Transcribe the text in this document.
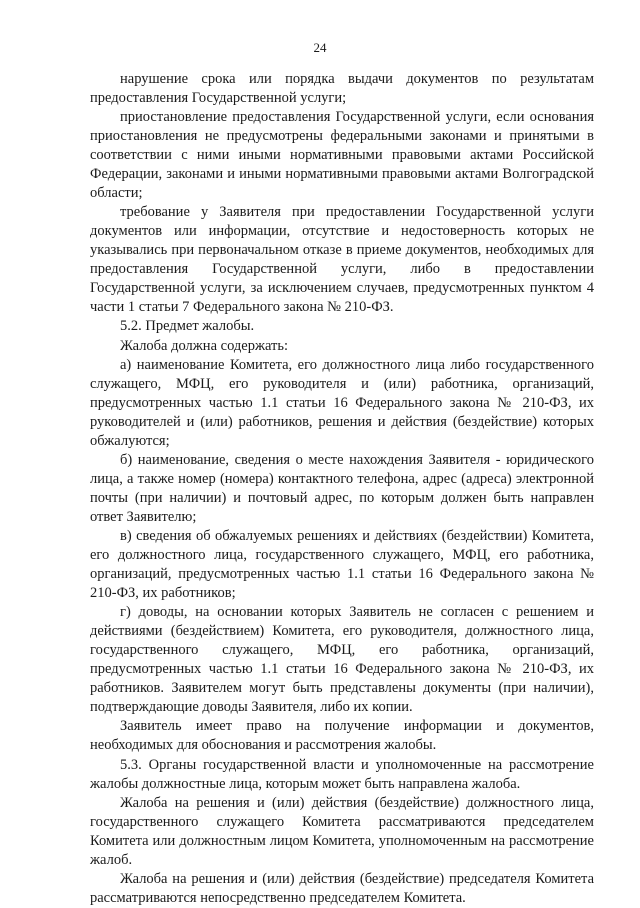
24

нарушение срока или порядка выдачи документов по результатам предоставления Государственной услуги;

приостановление предоставления Государственной услуги, если основания приостановления не предусмотрены федеральными законами и принятыми в соответствии с ними иными нормативными правовыми актами Российской Федерации, законами и иными нормативными правовыми актами Волгоградской области;

требование у Заявителя при предоставлении Государственной услуги документов или информации, отсутствие и недостоверность которых не указывались при первоначальном отказе в приеме документов, необходимых для предоставления Государственной услуги, либо в предоставлении Государственной услуги, за исключением случаев, предусмотренных пунктом 4 части 1 статьи 7 Федерального закона № 210-ФЗ.

5.2. Предмет жалобы.

Жалоба должна содержать:

а) наименование Комитета, его должностного лица либо государственного служащего, МФЦ, его руководителя и (или) работника, организаций, предусмотренных частью 1.1 статьи 16 Федерального закона № 210-ФЗ, их руководителей и (или) работников, решения и действия (бездействие) которых обжалуются;

б) наименование, сведения о месте нахождения Заявителя - юридического лица, а также номер (номера) контактного телефона, адрес (адреса) электронной почты (при наличии) и почтовый адрес, по которым должен быть направлен ответ Заявителю;

в) сведения об обжалуемых решениях и действиях (бездействии) Комитета, его должностного лица, государственного служащего, МФЦ, его работника, организаций, предусмотренных частью 1.1 статьи 16 Федерального закона № 210-ФЗ, их работников;

г) доводы, на основании которых Заявитель не согласен с решением и действиями (бездействием) Комитета, его руководителя, должностного лица, государственного служащего, МФЦ, его работника, организаций, предусмотренных частью 1.1 статьи 16 Федерального закона № 210-ФЗ, их работников. Заявителем могут быть представлены документы (при наличии), подтверждающие доводы Заявителя, либо их копии.

Заявитель имеет право на получение информации и документов, необходимых для обоснования и рассмотрения жалобы.

5.3. Органы государственной власти и уполномоченные на рассмотрение жалобы должностные лица, которым может быть направлена жалоба.

Жалоба на решения и (или) действия (бездействие) должностного лица, государственного служащего Комитета рассматриваются председателем Комитета или должностным лицом Комитета, уполномоченным на рассмотрение жалоб.

Жалоба на решения и (или) действия (бездействие) председателя Комитета рассматриваются непосредственно председателем Комитета.
